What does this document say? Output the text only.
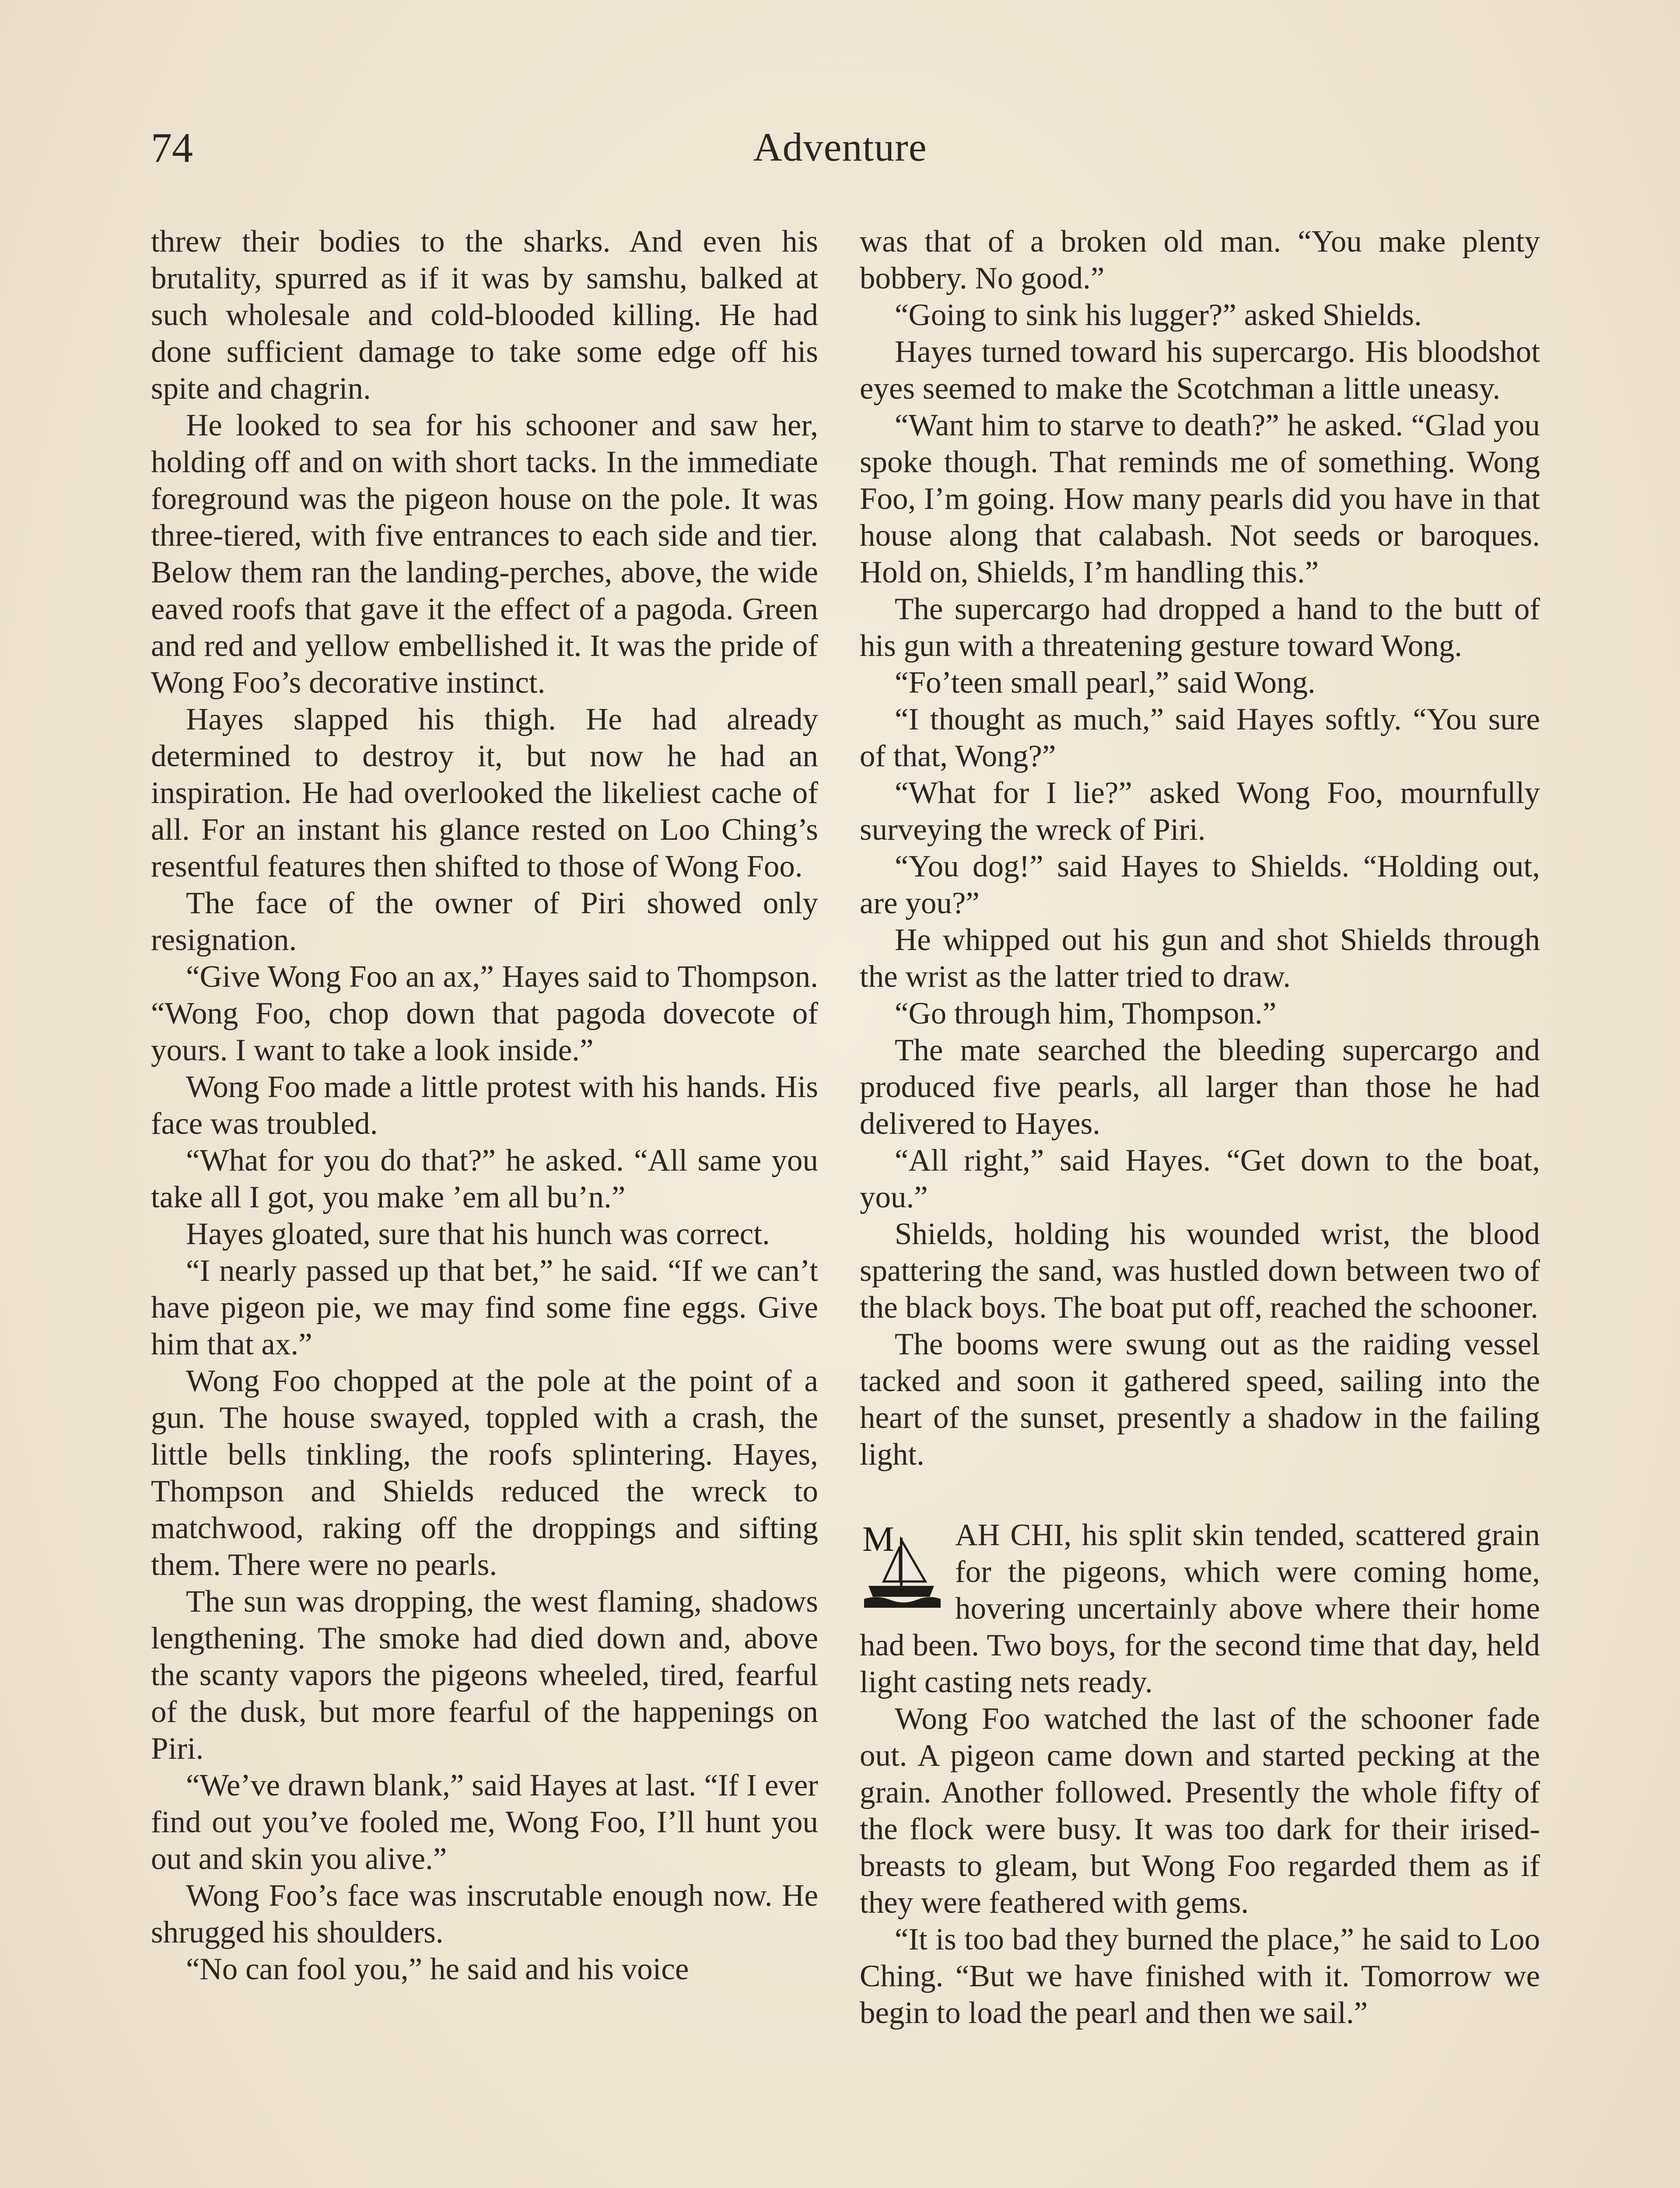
74	Adventure

threw their bodies to the sharks. And even his brutality, spurred as if it was by samshu, balked at such wholesale and cold-blooded killing. He had done sufficient damage to take some edge off his spite and chagrin.

He looked to sea for his schooner and saw her, holding off and on with short tacks. In the immediate foreground was the pigeon house on the pole. It was three-tiered, with five entrances to each side and tier. Below them ran the landing-perches, above, the wide eaved roofs that gave it the effect of a pagoda. Green and red and yellow embellished it. It was the pride of Wong Foo’s decorative instinct.

Hayes slapped his thigh. He had already determined to destroy it, but now he had an inspiration. He had overlooked the likeliest cache of all. For an instant his glance rested on Loo Ching’s resentful features then shifted to those of Wong Foo.

The face of the owner of Piri showed only resignation.

“Give Wong Foo an ax,” Hayes said to Thompson. “Wong Foo, chop down that pagoda dovecote of yours. I want to take a look inside.”

Wong Foo made a little protest with his hands. His face was troubled.

“What for you do that?” he asked. “All same you take all I got, you make ’em all bu’n.”

Hayes gloated, sure that his hunch was correct.

“I nearly passed up that bet,” he said. “If we can’t have pigeon pie, we may find some fine eggs. Give him that ax.”

Wong Foo chopped at the pole at the point of a gun. The house swayed, toppled with a crash, the little bells tinkling, the roofs splintering. Hayes, Thompson and Shields reduced the wreck to matchwood, raking off the droppings and sifting them. There were no pearls.

The sun was dropping, the west flaming, shadows lengthening. The smoke had died down and, above the scanty vapors the pigeons wheeled, tired, fearful of the dusk, but more fearful of the happenings on Piri.

“We’ve drawn blank,” said Hayes at last. “If I ever find out you’ve fooled me, Wong Foo, I’ll hunt you out and skin you alive.”

Wong Foo’s face was inscrutable enough now. He shrugged his shoulders.

“No can fool you,” he said and his voice

was that of a broken old man. “You make plenty bobbery. No good.”

“Going to sink his lugger?” asked Shields.

Hayes turned toward his supercargo. His bloodshot eyes seemed to make the Scotchman a little uneasy.

“Want him to starve to death?” he asked. “Glad you spoke though. That reminds me of something. Wong Foo, I’m going. How many pearls did you have in that house along that calabash. Not seeds or baroques. Hold on, Shields, I’m handling this.”

The supercargo had dropped a hand to the butt of his gun with a threatening gesture toward Wong.

“Fo’teen small pearl,” said Wong.

“I thought as much,” said Hayes softly. “You sure of that, Wong?”

“What for I lie?” asked Wong Foo, mournfully surveying the wreck of Piri.

“You dog!” said Hayes to Shields. “Holding out, are you?”

He whipped out his gun and shot Shields through the wrist as the latter tried to draw.

“Go through him, Thompson.”

The mate searched the bleeding supercargo and produced five pearls, all larger than those he had delivered to Hayes.

“All right,” said Hayes. “Get down to the boat, you.”

Shields, holding his wounded wrist, the blood spattering the sand, was hustled down between two of the black boys. The boat put off, reached the schooner.

The booms were swung out as the raiding vessel tacked and soon it gathered speed, sailing into the heart of the sunset, presently a shadow in the failing light.

M AH CHI, his split skin tended, scattered grain for the pigeons, which were coming home, hovering uncertainly above where their home had been. Two boys, for the second time that day, held light casting nets ready.

Wong Foo watched the last of the schooner fade out. A pigeon came down and started pecking at the grain. Another followed. Presently the whole fifty of the flock were busy. It was too dark for their irised-breasts to gleam, but Wong Foo regarded them as if they were feathered with gems.

“It is too bad they burned the place,” he said to Loo Ching. “But we have finished with it. Tomorrow we begin to load the pearl and then we sail.”
